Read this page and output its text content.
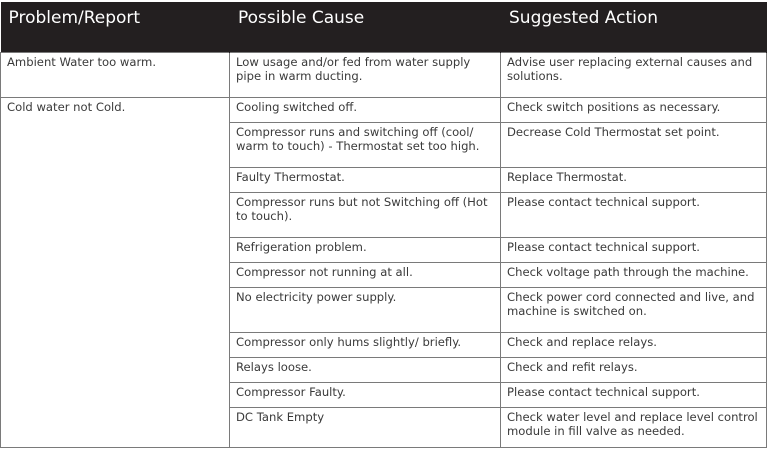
Problem/Report	Possible Cause	Suggested Action
Ambient Water too warm.	Low usage and/or fed from water supply pipe in warm ducting.	Advise user replacing external causes and solutions.
Cold water not Cold.	Cooling switched off.	Check switch positions as necessary.
	Compressor runs and switching off (cool/ warm to touch) - Thermostat set too high.	Decrease Cold Thermostat set point.
	Faulty Thermostat.	Replace Thermostat.
	Compressor runs but not Switching off (Hot to touch).	Please contact technical support.
	Refrigeration problem.	Please contact technical support.
	Compressor not running at all.	Check voltage path through the machine.
	No electricity power supply.	Check power cord connected and live, and machine is switched on.
	Compressor only hums slightly/ briefly.	Check and replace relays.
	Relays loose.	Check and refit relays.
	Compressor Faulty.	Please contact technical support.
	DC Tank Empty	Check water level and replace level control module in fill valve as needed.
